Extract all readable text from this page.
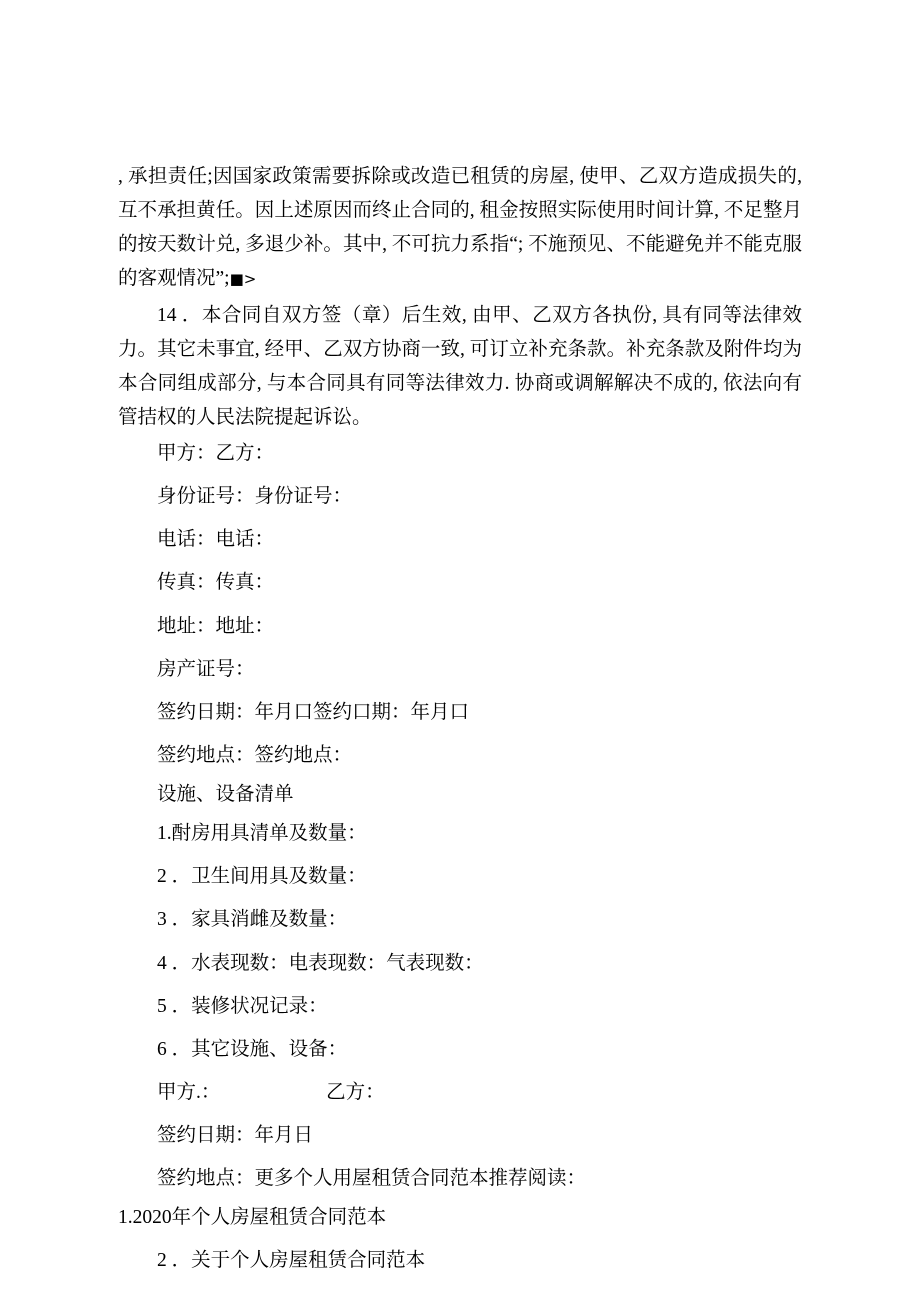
, 承担责任;因国家政策需要拆除或改造已租赁的房屋, 使甲、乙双方造成损失的, 互不承担黄任。因上述原因而终止合同的, 租金按照实际使用时间计算, 不足整月的按天数计兑, 多退少补。其中, 不可抗力系指“; 不施预见、不能避免并不能克服的客观情况”;■>

14 ．本合同自双方签（章）后生效, 由甲、乙双方各执份, 具有同等法律效力。其它未事宜, 经甲、乙双方协商一致, 可订立补充条款。补充条款及附件均为本合同组成部分, 与本合同具有同等法律效力. 协商或调解解决不成的, 依法向有管拮权的人民法院提起诉讼。

甲方：乙方：

身份证号：身份证号：

电话：电话：

传真：传真：

地址：地址：

房产证号：

签约日期：年月口签约口期：年月口

签约地点：签约地点：

设施、设备清单

1.酎房用具清单及数量：

2 ．卫生间用具及数量：

3 ．家具消雌及数量：

4 ．水表现数：电表现数：气表现数：

5 ．装修状况记录：

6 ．其它设施、设备：

甲方.：	乙方：

签约日期：年月日

签约地点：更多个人用屋租赁合同范本推荐阅读：

1.2020年个人房屋租赁合同范本

2 ．关于个人房屋租赁合同范本
